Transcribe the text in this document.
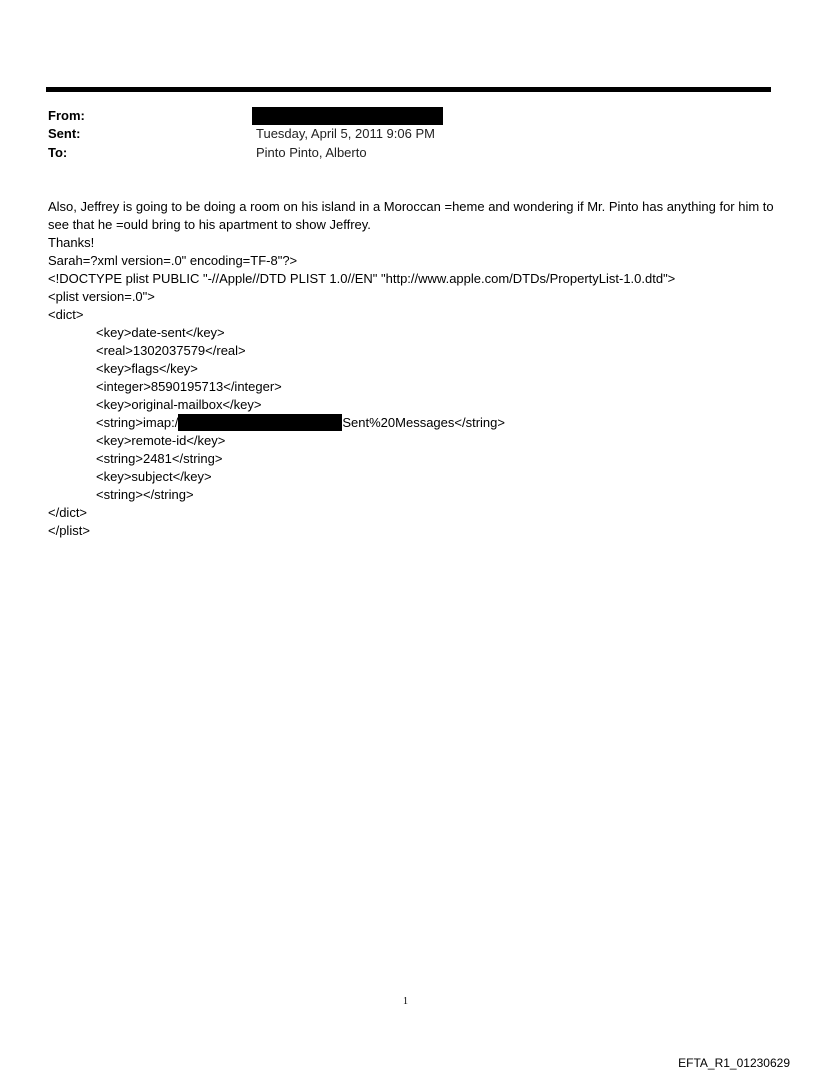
From:
Sent:	Tuesday, April 5, 2011 9:06 PM
To:	Pinto Pinto, Alberto
Also, Jeffrey is going to be doing a room on his island in a Moroccan =heme and wondering if Mr. Pinto has anything for him to see that he =ould bring to his apartment to show Jeffrey.
Thanks!
Sarah=?xml version=.0" encoding=TF-8"?>
<!DOCTYPE plist PUBLIC "-//Apple//DTD PLIST 1.0//EN" "http://www.apple.com/DTDs/PropertyList-1.0.dtd">
<plist version=.0">
<dict>
<key>date-sent</key>
<real>1302037579</real>
<key>flags</key>
<integer>8590195713</integer>
<key>original-mailbox</key>
<string>imap:/	Sent%20Messages</string>
<key>remote-id</key>
<string>2481</string>
<key>subject</key>
<string></string>
</dict>
</plist>
1
EFTA_R1_01230629
